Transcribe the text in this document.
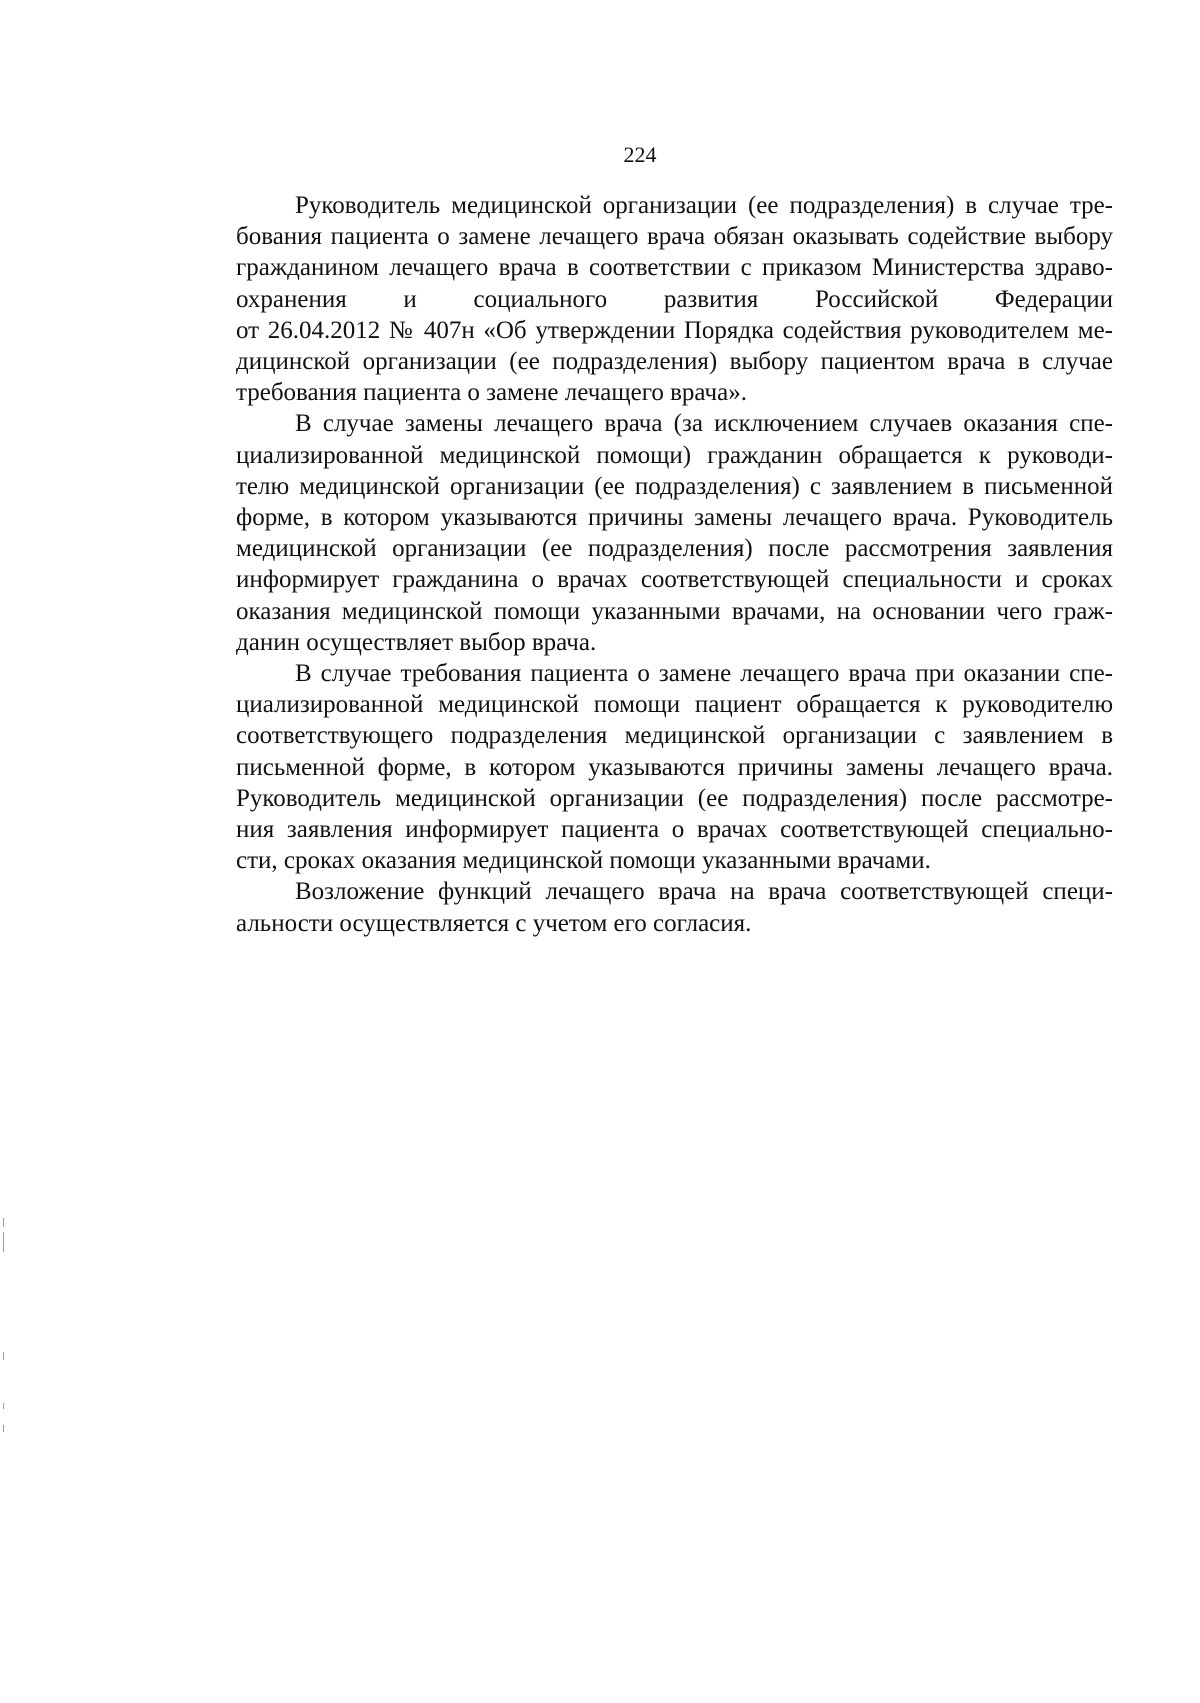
224
Руководитель медицинской организации (ее подразделения) в случае тре-
бования пациента о замене лечащего врача обязан оказывать содействие выбору
гражданином лечащего врача в соответствии с приказом Министерства здраво-
охранения и социального развития Российской Федерации
от 26.04.2012 № 407н «Об утверждении Порядка содействия руководителем ме-
дицинской организации (ее подразделения) выбору пациентом врача в случае
требования пациента о замене лечащего врача».
В случае замены лечащего врача (за исключением случаев оказания спе-
циализированной медицинской помощи) гражданин обращается к руководи-
телю медицинской организации (ее подразделения) с заявлением в письменной
форме, в котором указываются причины замены лечащего врача. Руководитель
медицинской организации (ее подразделения) после рассмотрения заявления
информирует гражданина о врачах соответствующей специальности и сроках
оказания медицинской помощи указанными врачами, на основании чего граж-
данин осуществляет выбор врача.
В случае требования пациента о замене лечащего врача при оказании спе-
циализированной медицинской помощи пациент обращается к руководителю
соответствующего подразделения медицинской организации с заявлением в
письменной форме, в котором указываются причины замены лечащего врача.
Руководитель медицинской организации (ее подразделения) после рассмотре-
ния заявления информирует пациента о врачах соответствующей специально-
сти, сроках оказания медицинской помощи указанными врачами.
Возложение функций лечащего врача на врача соответствующей специ-
альности осуществляется с учетом его согласия.
